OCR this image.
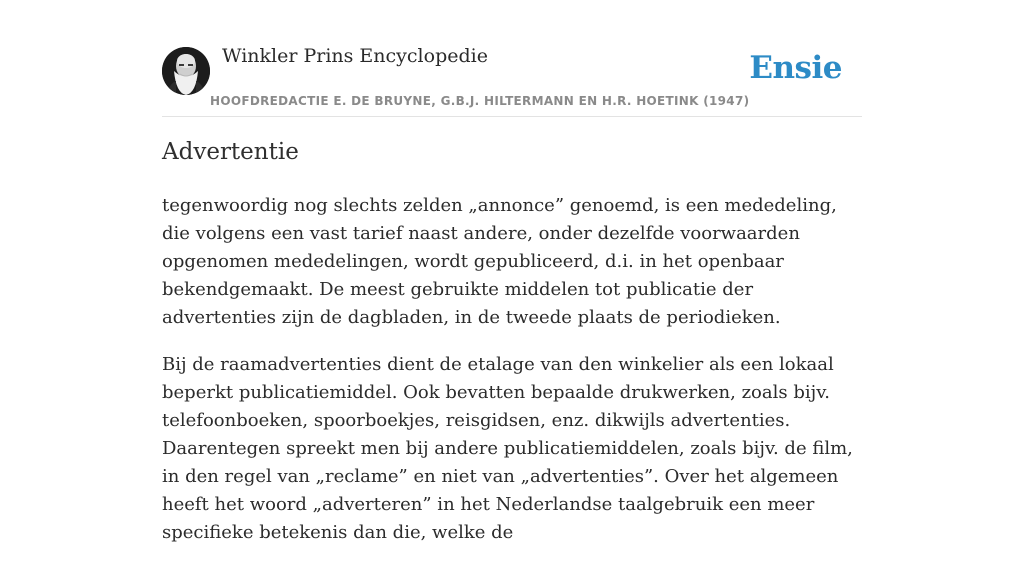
Winkler Prins Encyclopedie
HOOFDREDACTIE E. DE BRUYNE, G.B.J. HILTERMANN EN H.R. HOETINK (1947)
Ensie
Advertentie

tegenwoordig nog slechts zelden „annonce” genoemd, is een mededeling, die volgens een vast tarief naast andere, onder dezelfde voorwaarden opgenomen mededelingen, wordt gepubliceerd, d.i. in het openbaar bekendgemaakt. De meest gebruikte middelen tot publicatie der advertenties zijn de dagbladen, in de tweede plaats de periodieken.

Bij de raamadvertenties dient de etalage van den winkelier als een lokaal beperkt publicatiemiddel. Ook bevatten bepaalde drukwerken, zoals bijv. telefoonboeken, spoorboekjes, reisgidsen, enz. dikwijls advertenties. Daarentegen spreekt men bij andere publicatiemiddelen, zoals bijv. de film, in den regel van „reclame” en niet van „advertenties”. Over het algemeen heeft het woord „adverteren” in het Nederlandse taalgebruik een meer specifieke betekenis dan die, welke de
